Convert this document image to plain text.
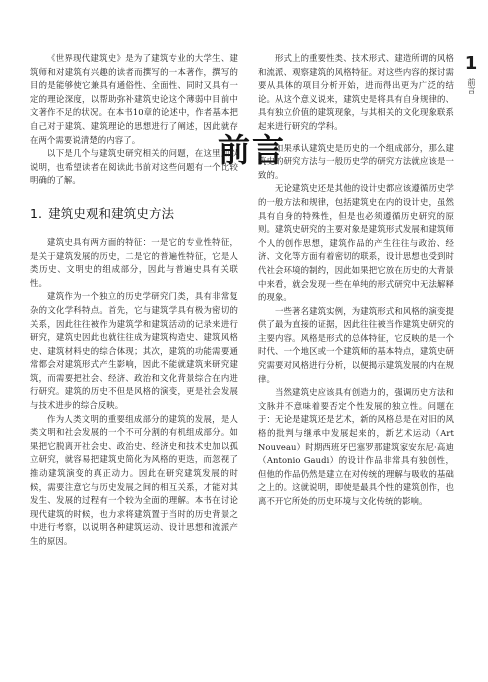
1
前言
前言

《世界现代建筑史》是为了建筑专业的大学生、建筑师和对建筑有兴趣的读者而撰写的一本著作，撰写的目的是能够使它兼具有通俗性、全面性、同时又具有一定的理论深度，以帮助弥补建筑史论这个薄弱中目前中文著作不足的状况。在本书10章的论述中，作者基本把自己对于建筑、建筑理论的思想进行了阐述，因此就存在两个需要说清楚的内容了。

以下是几个与建筑史研究相关的问题，在这里加以说明，也希望读者在阅读此书前对这些问题有一个比较明确的了解。

1. 建筑史观和建筑史方法

建筑史具有两方面的特征：一是它的专业性特征，是关于建筑发展的历史，二是它的普遍性特征，它是人类历史、文明史的组成部分，因此与普遍史具有关联性。

建筑作为一个独立的历史学研究门类，具有非常复杂的文化学科特点。首先，它与建筑学具有极为密切的关系，因此往往被作为建筑学和建筑活动的记录来进行研究，建筑史因此也就往往成为建筑构造史、建筑风格史、建筑材料史的综合体现；其次，建筑的功能需要通常都会对建筑形式产生影响，因此不能就建筑来研究建筑，而需要把社会、经济、政治和文化背景综合在内进行研究。建筑的历史不但是风格的演变，更是社会发展与技术进步的综合反映。

作为人类文明的重要组成部分的建筑的发展，是人类文明和社会发展的一个不可分割的有机组成部分。如果把它脱离开社会史、政治史、经济史和技术史加以孤立研究，就容易把建筑史简化为风格的更迭，而忽视了推动建筑演变的真正动力。因此在研究建筑发展的时候，需要注意它与历史发展之间的相互关系，才能对其发生、发展的过程有一个较为全面的理解。本书在讨论现代建筑的时候，也力求将建筑置于当时的历史背景之中进行考察，以说明各种建筑运动、设计思想和流派产生的原因。

形式上的重要性类、技术形式、建造所谓的风格和流派、观察建筑的风格特征。对这些内容的探讨需要从具体的项目分析开始，进而得出更为广泛的结论。从这个意义说来，建筑史是将具有自身规律的、具有独立价值的建筑现象，与其相关的文化现象联系起来进行研究的学科。

如果承认建筑史是历史的一个组成部分，那么建筑史的研究方法与一般历史学的研究方法就应该是一致的。

无论建筑史还是其他的设计史都应该遵循历史学的一般方法和规律，包括建筑史在内的设计史，虽然具有自身的特殊性，但是也必须遵循历史研究的原则。建筑史研究的主要对象是建筑形式发展和建筑师个人的创作思想，建筑作品的产生往往与政治、经济、文化等方面有着密切的联系，设计思想也受到时代社会环境的制约，因此如果把它放在历史的大背景中来看，就会发现一些在单纯的形式研究中无法解释的现象。

一些著名建筑实例，为建筑形式和风格的演变提供了最为直接的证据，因此往往被当作建筑史研究的主要内容。风格是形式的总体特征，它反映的是一个时代、一个地区或一个建筑师的基本特点，建筑史研究需要对风格进行分析，以便揭示建筑发展的内在规律。

当然建筑史应该具有创造力的，强调历史方法和文脉并不意味着要否定个性发展的独立性。问题在于：无论是建筑还是艺术，新的风格总是在对旧的风格的批判与继承中发展起来的，新艺术运动（Art Nouveau）时期西班牙巴塞罗那建筑家安东尼·高迪（Antonio Gaudi）的设计作品非常具有独创性，但他的作品仍然是建立在对传统的理解与吸收的基础之上的。这就说明，即使是最具个性的建筑创作，也离不开它所处的历史环境与文化传统的影响。
